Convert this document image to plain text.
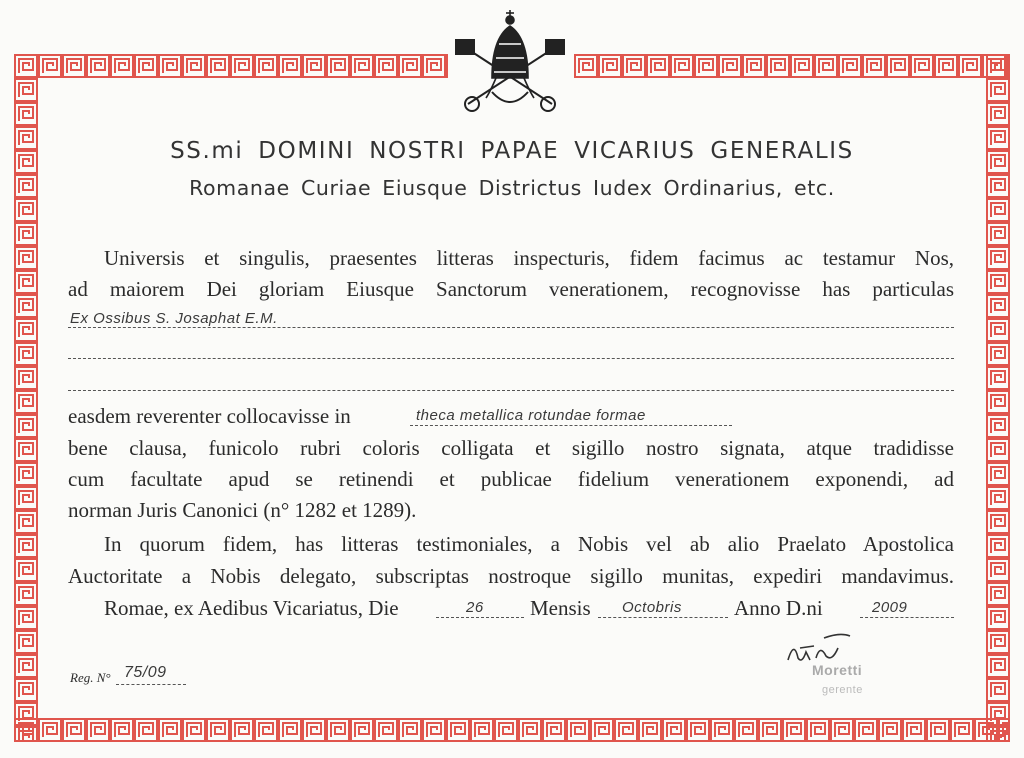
SS.mi DOMINI NOSTRI PAPAE VICARIUS GENERALIS
Romanae Curiae Eiusque Districtus Iudex Ordinarius, etc.
Universis et singulis, praesentes litteras inspecturis, fidem facimus ac testamur Nos,
ad maiorem Dei gloriam Eiusque Sanctorum venerationem, recognovisse has particulas
Ex Ossibus S. Josaphat E.M.
easdem reverenter collocavisse in	theca metallica rotundae formae
bene clausa, funicolo rubri coloris colligata et sigillo nostro signata, atque tradidisse
cum facultate apud se retinendi et publicae fidelium venerationem exponendi, ad
norman Juris Canonici (n° 1282 et 1289).
In quorum fidem, has litteras testimoniales, a Nobis vel ab alio Praelato Apostolica
Auctoritate a Nobis delegato, subscriptas nostroque sigillo munitas, expediri mandavimus.
Romae, ex Aedibus Vicariatus, Die	26 Mensis Octobris Anno D.ni	2009
Reg. N° 75/09	Moretti
gerente
